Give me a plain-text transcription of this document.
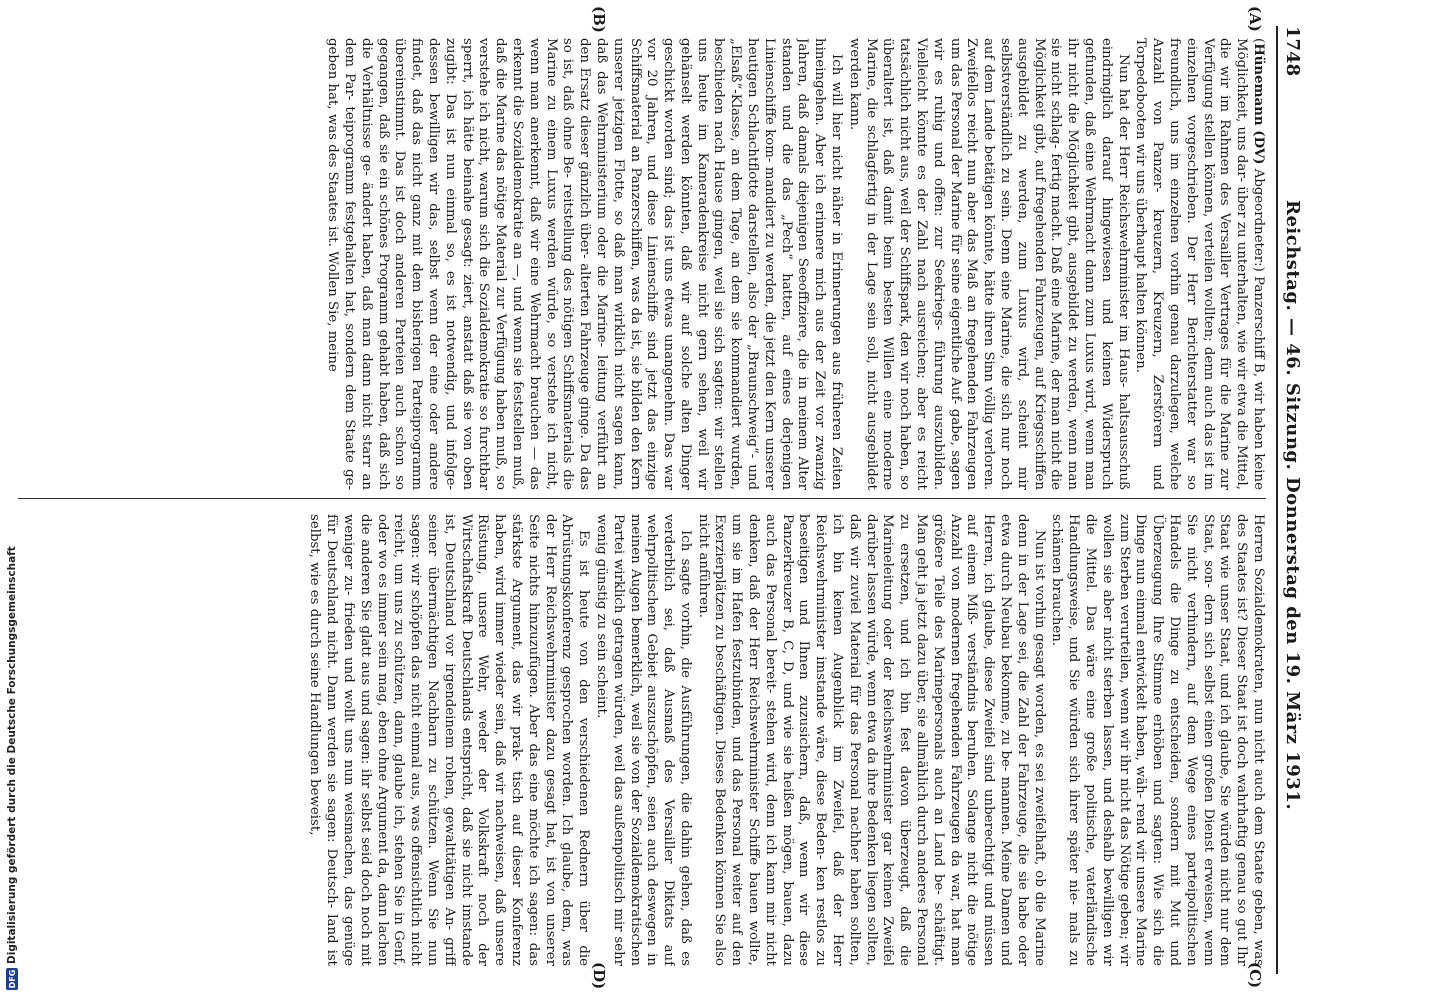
1748
Reichstag. — 46. Sitzung. Donnerstag den 19. März 1931.
(A)
(B)
(C)
(D)

(Hünemann (DV) Abgeordneter:) Panzerschiff B, wir haben keine Möglichkeit, uns dar- über zu unterhalten, wie wir etwa die Mittel, die wir im Rahmen des Versailler Vertrages für die Marine zur Verfügung stellen können, verteilen wollten; denn auch das ist im einzelnen vorgeschrieben. Der Herr Berichterstatter war so freundlich, uns im einzelnen vorhin genau darzulegen, welche Anzahl von Panzer- kreuzern, Kreuzern, Zerstörern und Torpedobooten wir uns überhaupt halten können.

Nun hat der Herr Reichswehrminister im Haus- haltsausschuß eindringlich darauf hingewiesen und keinen Widerspruch gefunden, daß eine Wehrmacht dann zum Luxus wird, wenn man ihr nicht die Möglichkeit gibt, ausgebildet zu werden, wenn man sie nicht schlag- fertig macht. Daß eine Marine, der man nicht die Möglichkeit gibt, auf fregehenden Fahrzeugen, auf Kriegsschiffen ausgebildet zu werden, zum Luxus wird, scheint mir selbstverständlich zu sein. Denn eine Marine, die sich nur noch auf dem Lande betätigen könnte, hätte ihren Sinn völlig verloren. Zweifellos reicht nun aber das Maß an fregehenden Fahrzeugen um das Personal der Marine für seine eigentliche Auf- gabe, sagen wir es ruhig und offen: zur Seekriegs- führung auszubilden. Vielleicht könnte es der Zahl nach ausreichen; aber es reicht tatsächlich nicht aus, weil der Schiffspark, den wir noch haben, so überaltert ist, daß damit beim besten Willen eine moderne Marine, die schlagfertig in der Lage sein soll, nicht ausgebildet werden kann.

Ich will hier nicht näher in Erinnerungen aus früheren Zeiten hineingehen. Aber ich erinnere mich aus der Zeit vor zwanzig Jahren, daß damals diejenigen Seeoffiziere, die in meinem Alter standen und die das „Pech“ hatten, auf eines derjenigen Linienschiffe kom- mandiert zu werden, die jetzt den Kern unserer heutigen Schlachtflotte darstellen, also der „Braunschweig“- und „Elsaß“-Klasse, an dem Tage, an dem sie kommandiert wurden, beschieden nach Hause gingen, weil sie sich sagten: wir stellen uns heute im Kameradenkreise nicht gern sehen, weil wir gehänselt werden könnten, daß wir auf solche alten Dinger geschickt worden sind; das ist uns etwas unangenehm. Das war vor 20 Jahren, und diese Linienschiffe sind jetzt das einzige Schiffsmaterial an Panzerschiffen, was da ist, sie bilden den Kern unserer jetzigen Flotte, so daß man wirklich nicht sagen kann, daß das Wehrministerium oder die Marine- leitung verführt an den Ersatz dieser gänzlich über- alterten Fahrzeuge ginge. Da das so ist, daß ohne Be- reitstellung des nötigen Schiffsmaterials die Marine zu einem Luxus werden würde, so verstehe ich nicht, wenn man anerkennt, daß wir eine Wehrmacht brauchen — das erkennt die Sozialdemokratie an —, und wenn sie feststellen muß, daß die Marine das nötige Material zur Verfügung haben muß, so verstehe ich nicht, warum sich die Sozialdemokratie so furchtbar sperrt, ich hätte beinahe gesagt: ziert, anstatt daß sie von oben zugibt: Das ist nun einmal so, es ist notwendig, und infolge- dessen bewilligen wir das, selbst wenn der eine oder andere findet, daß das nicht ganz mit dem bisherigen Parteiprogramm übereinstimmt. Das ist doch anderen Parteien auch schon so gegangen, daß sie ein schönes Programm gehabt haben, daß sich die Verhältnisse ge- ändert haben, daß man dann nicht starr an dem Par- teiprogramm festgehalten hat, sondern dem Staate ge- geben hat, was des Staates ist. Wollen Sie, meine

Herren Sozialdemokraten, nun nicht auch dem Staate geben, was des Staates ist? Dieser Staat ist doch wahrhaftig genau so gut Ihr Staat wie unser Staat, und ich glaube, Sie würden nicht nur dem Staat, son- dern sich selbst einen großen Dienst erweisen, wenn Sie nicht verhindern, auf dem Wege eines parteipolitischen Handels die Dinge zu entscheiden, sondern mit Mut und Überzeugung Ihre Stimme erhöben und sagten: Wie sich die Dinge nun einmal entwickelt haben, wäh- rend wir unsere Marine zum Sterben verurteilen, wenn wir ihr nicht das Nötige geben; wir wollen sie aber nicht sterben lassen, und deshalb bewilligen wir die Mittel. Das wäre eine große politische, vaterländische Handlungsweise, und Sie würden sich ihrer später nie- mals zu schämen brauchen.

Nun ist vorhin gesagt worden, es sei zweifelhaft, ob die Marine denn in der Lage sei, die Zahl der Fahrzeuge, die sie habe oder etwa durch Neubau bekomme, zu be- mannen. Meine Damen und Herren, ich glaube, diese Zweifel sind unberechtigt und müssen auf einem Miß- verständnis beruhen. Solange nicht die nötige Anzahl von modernen fregehenden Fahrzeugen da war, hat man größere Teile des Marinepersonals auch an Land be- schäftigt. Man geht ja jetzt dazu über, sie allmählich durch anderes Personal zu ersetzen, und ich bin fest davon überzeugt, daß die Marineleitung oder der Reichswehrminister gar keinen Zweifel darüber lassen würde, wenn etwa da ihre Bedenken liegen sollten, daß wir zuviel Material für das Personal nachher haben sollten, ich bin keinen Augenblick im Zweifel, daß der Herr Reichswehrminister imstande wäre, diese Beden- ken restlos zu beseitigen und Ihnen zuzusichern, daß, wenn wir diese Panzerkreuzer B, C, D, und wie sie heißen mögen, bauen, dazu auch das Personal bereit- stehen wird, denn ich kann mir nicht denken, daß der Herr Reichswehrminister Schiffe bauen wollte, um sie im Hafen festzubinden, und das Personal weiter auf den Exerzierplätzen zu beschäftigen. Dieses Bedenken können Sie also nicht anführen.

Ich sagte vorhin, die Ausführungen, die dahin gehen, daß es verderblich sei, daß Ausmaß des Versailler Diktats auf wehrpolitischem Gebiet auszuschöpfen, seien auch deswegen in meinen Augen bemerklich, weil sie von der Sozialdemokratischen Partei wirklich getragen würden, weil das außenpolitisch mir sehr wenig günstig zu sein scheint.

Es ist heute von den verschiedenen Rednern über die Abrüstungskonferenz gesprochen worden. Ich glaube, dem, was der Herr Reichswehrminister dazu gesagt hat, ist von unserer Seite nichts hinzuzufügen. Aber das eine möchte ich sagen: das stärkste Argument, das wir prak- tisch auf dieser Konferenz haben, wird immer wieder sein, daß wir nachweisen, daß unsere Rüstung, unsere Wehr, weder der Volkskraft noch der Wirtschaftskraft Deutschlands entspricht, daß sie nicht imstande ist, Deutschland vor irgendeinem rohen, gewalttätigen An- griff seiner übermächtigen Nachbarn zu schützen. Wenn Sie nun sagen: wir schöpfen das nicht einmal aus, was offensichtlich nicht reicht, um uns zu schützen, dann, glaube ich, stehen Sie in Genf, oder wo es immer sein mag, eben ohne Argument da, dann lachen die anderen Sie glatt aus und sagen: ihr selbst seid doch noch mit weniger zu- frieden und wollt uns nun weismachen, das genüge für Deutschland nicht. Dann werden sie sagen: Deutsch- land ist selbst, wie es durch seine Handlungen beweist,

DFG
Digitalisierung gefördert durch die Deutsche Forschungsgemeinschaft
